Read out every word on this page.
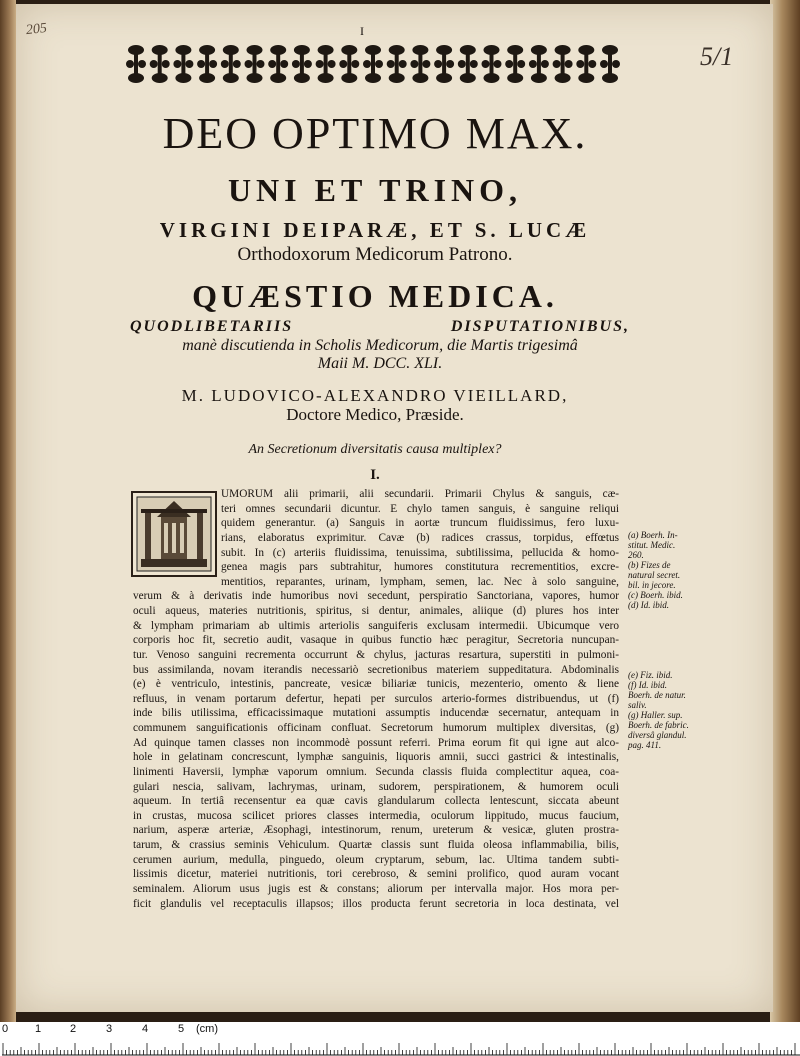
205
5/1
I
DEO OPTIMO MAX.
UNI ET TRINO,
VIRGINI DEIPARÆ, ET S. LUCÆ
Orthodoxorum Medicorum Patrono.
QUÆSTIO MEDICA.
QUODLIBETARIIS DISPUTATIONIBUS,
manè discutienda in Scholis Medicorum, die Martis trigesimâ
Maii M. DCC. XLI.
M. LUDOVICO-ALEXANDRO VIEILLARD,
Doctore Medico, Præside.
An Secretionum diversitatis causa multiplex?
I.
UMORUM alii primarii, alii secundarii. Primarii Chylus & sanguis, cæ-
teri omnes secundarii dicuntur. E chylo tamen sanguis, è sanguine reliqui
quidem generantur. (a) Sanguis in aortæ truncum fluidissimus, fero luxu-
rians, elaboratus exprimitur. Cavæ (b) radices crassus, torpidus, effœtus
subit. In (c) arteriis fluidissima, tenuissima, subtilissima, pellucida & homo-
genea magis pars subtrahitur, humores constitutura recrementitios, excre-
mentitios, reparantes, urinam, lympham, semen, lac. Nec à solo sanguine,
verum & à derivatis inde humoribus novi secedunt, perspiratio Sanctoriana, vapores, humor
oculi aqueus, materies nutritionis, spiritus, si dentur, animales, aliique (d) plures hos inter
& lympham primariam ab ultimis arteriolis sanguiferis exclusam intermedii. Ubicumque vero
corporis hoc fit, secretio audit, vasaque in quibus functio hæc peragitur, Secretoria nuncupan-
tur. Venoso sanguini recrementa occurrunt & chylus, jacturas resartura, superstiti in pulmoni-
bus assimilanda, novam iterandis necessariò secretionibus materiem suppeditatura. Abdominalis
(e) è ventriculo, intestinis, pancreate, vesicæ biliariæ tunicis, mezenterio, omento & liene
refluus, in venam portarum defertur, hepati per surculos arterio-formes distribuendus, ut (f)
inde bilis utilissima, efficacissimaque mutationi assumptis inducendæ secernatur, antequam in
communem sanguificationis officinam confluat. Secretorum humorum multiplex diversitas, (g)
Ad quinque tamen classes non incommodè possunt referri. Prima eorum fit qui igne aut alco-
hole in gelatinam concrescunt, lymphæ sanguinis, liquoris amnii, succi gastrici & intestinalis,
linimenti Haversii, lymphæ vaporum omnium. Secunda classis fluida complectitur aquea, coa-
gulari nescia, salivam, lachrymas, urinam, sudorem, perspirationem, & humorem oculi
aqueum. In tertiâ recensentur ea quæ cavis glandularum collecta lentescunt, siccata abeunt
in crustas, mucosa scilicet priores classes intermedia, oculorum lippitudo, mucus faucium,
narium, asperæ arteriæ, Æsophagi, intestinorum, renum, ureterum & vesicæ, gluten prostra-
tarum, & crassius seminis Vehiculum. Quartæ classis sunt fluida oleosa inflammabilia, bilis,
cerumen aurium, medulla, pinguedo, oleum cryptarum, sebum, lac. Ultima tandem subti-
lissimis dicetur, materiei nutritionis, tori cerebroso, & semini prolifico, quod auram vocant
seminalem. Aliorum usus jugis est & constans; aliorum per intervalla major. Hos mora per-
ficit glandulis vel receptaculis illapsos; illos producta ferunt secretoria in loca destinata, vel
(a) Boerh. In-
stitut. Medic.
260.
(b) Fizes de
natural secret.
bil. in jecore.
(c) Boerh. ibid.
(d) Id. ibid.
(e) Fiz. ibid.
(f) Id. ibid.
Boerh. de natur.
saliv.
(g) Haller. sup.
Boerh. de fabric.
diversâ glandul.
pag. 411.
0 1	2	3	4	5 (cm)
